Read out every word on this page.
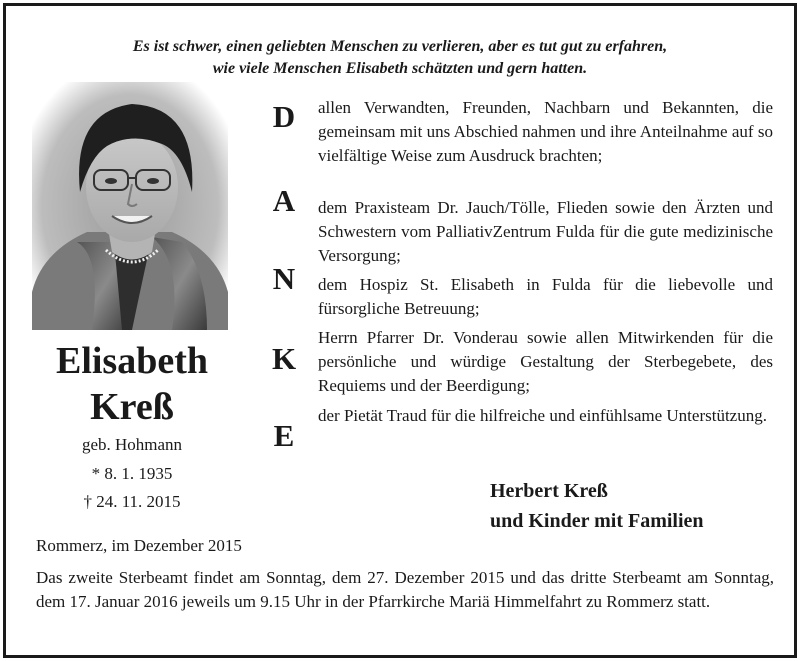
Es ist schwer, einen geliebten Menschen zu verlieren, aber es tut gut zu erfahren,
wie viele Menschen Elisabeth schätzten und gern hatten.
Elisabeth
Kreß
geb. Hohmann
* 8. 1. 1935
† 24. 11. 2015
D
A
N
K
E

allen Verwandten, Freunden, Nachbarn und Bekannten, die gemeinsam mit uns Abschied nahmen und ihre Anteilnahme auf so vielfältige Weise zum Ausdruck brachten;

dem Praxisteam Dr. Jauch/Tölle, Flieden sowie den Ärzten und Schwestern vom PalliativZentrum Fulda für die gute medizinische Versorgung;

dem Hospiz St. Elisabeth in Fulda für die liebevolle und fürsorgliche Betreuung;

Herrn Pfarrer Dr. Vonderau sowie allen Mitwirkenden für die persönliche und würdige Gestaltung der Sterbegebete, des Requiems und der Beerdigung;

der Pietät Traud für die hilfreiche und einfühlsame Unterstützung.

Herbert Kreß
und Kinder mit Familien
Rommerz, im Dezember 2015
Das zweite Sterbeamt findet am Sonntag, dem 27. Dezember 2015 und das dritte Sterbeamt am Sonntag, dem 17. Januar 2016 jeweils um 9.15 Uhr in der Pfarrkirche Mariä Himmelfahrt zu Rommerz statt.
